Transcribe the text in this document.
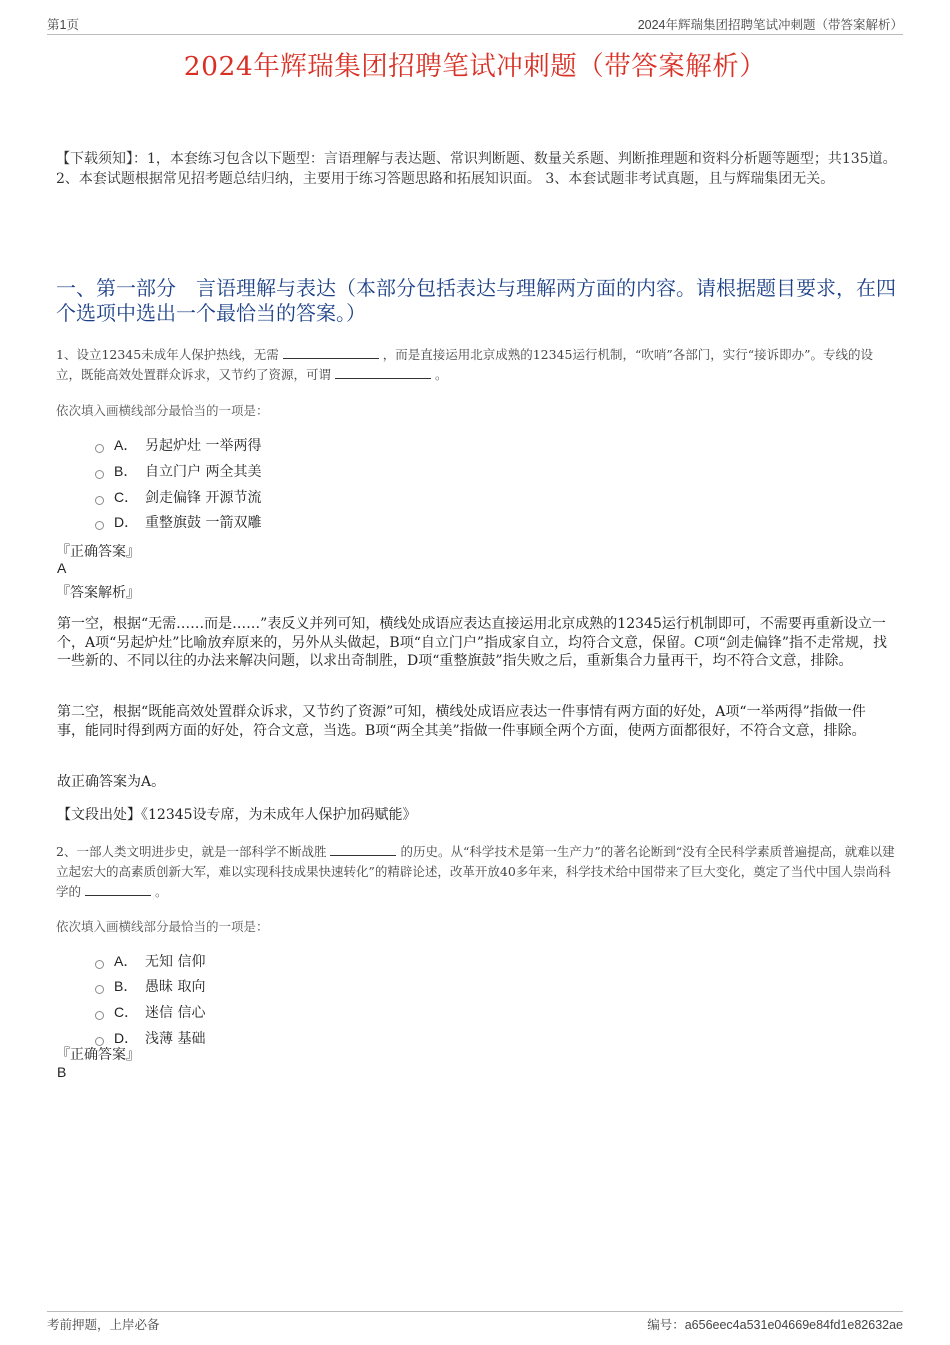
第1页	2024年辉瑞集团招聘笔试冲刺题（带答案解析）
2024年辉瑞集团招聘笔试冲刺题（带答案解析）

【下载须知】：1，本套练习包含以下题型：言语理解与表达题、常识判断题、数量关系题、判断推理题和资料分析题等题型；共135道。 2、本套试题根据常见招考题总结归纳，主要用于练习答题思路和拓展知识面。 3、本套试题非考试真题，且与辉瑞集团无关。

一、第一部分　言语理解与表达（本部分包括表达与理解两方面的内容。请根据题目要求，在四个选项中选出一个最恰当的答案。）

1、设立12345未成年人保护热线，无需	，而是直接运用北京成熟的12345运行机制，“吹哨”各部门，实行“接诉即办”。专线的设立，既能高效处置群众诉求，又节约了资源，可谓	。

依次填入画横线部分最恰当的一项是：

A． 另起炉灶 一举两得
B． 自立门户 两全其美
C． 剑走偏锋 开源节流
D． 重整旗鼓 一箭双雕

『正确答案』

A

『答案解析』

第一空，根据“无需……而是……”表反义并列可知，横线处成语应表达直接运用北京成熟的12345运行机制即可，不需要再重新设立一个，A项“另起炉灶”比喻放弃原来的，另外从头做起，B项“自立门户”指成家自立，均符合文意，保留。C项“剑走偏锋”指不走常规，找一些新的、不同以往的办法来解决问题，以求出奇制胜，D项“重整旗鼓”指失败之后，重新集合力量再干，均不符合文意，排除。

第二空，根据“既能高效处置群众诉求，又节约了资源”可知，横线处成语应表达一件事情有两方面的好处，A项“一举两得”指做一件事，能同时得到两方面的好处，符合文意，当选。B项“两全其美”指做一件事顾全两个方面，使两方面都很好，不符合文意，排除。

故正确答案为A。

【文段出处】《12345设专席，为未成年人保护加码赋能》

2、一部人类文明进步史，就是一部科学不断战胜	的历史。从“科学技术是第一生产力”的著名论断到“没有全民科学素质普遍提高，就难以建立起宏大的高素质创新大军，难以实现科技成果快速转化”的精辟论述，改革开放40多年来，科学技术给中国带来了巨大变化，奠定了当代中国人崇尚科学的	。

依次填入画横线部分最恰当的一项是：

A． 无知 信仰
B． 愚昧 取向
C． 迷信 信心
D． 浅薄 基础

『正确答案』

B

考前押题，上岸必备	编号：a656eec4a531e04669e84fd1e82632ae
